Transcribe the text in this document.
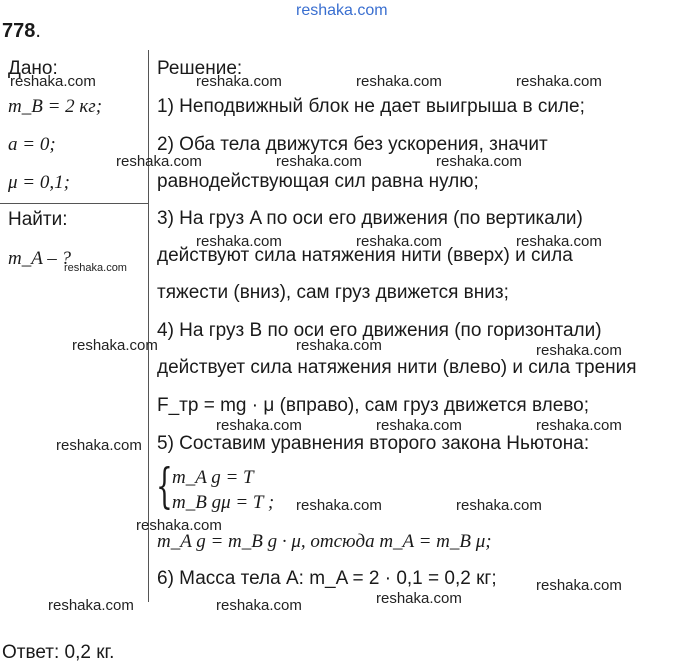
reshaka.com
778.
Дано:
m_B = 2 кг;
a = 0;
μ = 0,1;
Найти:
m_A – ?
Решение:
1) Неподвижный блок не дает выигрыша в силе;
2) Оба тела движутся без ускорения, значит
равнодействующая сил равна нулю;
3) На груз A по оси его движения (по вертикали)
действуют сила натяжения нити (вверх) и сила
тяжести (вниз), сам груз движется вниз;
4) На груз B по оси его движения (по горизонтали)
действует сила натяжения нити (влево) и сила трения
F_тр = mg · μ (вправо), сам груз движется влево;
5) Составим уравнения второго закона Ньютона:
{ m_A g = T
m_B gμ = T ;
m_A g = m_B g · μ, отсюда m_A = m_B μ;
6) Масса тела A: m_A = 2 · 0,1 = 0,2 кг;
Ответ: 0,2 кг.
reshaka.com	reshaka.com	reshaka.com	reshaka.com
reshaka.com	reshaka.com	reshaka.com
reshaka.com	reshaka.com	reshaka.com
reshaka.com
reshaka.com	reshaka.com	reshaka.com
reshaka.com	reshaka.com	reshaka.com
reshaka.com
reshaka.com	reshaka.com
reshaka.com
reshaka.com
reshaka.com
reshaka.com	reshaka.com
